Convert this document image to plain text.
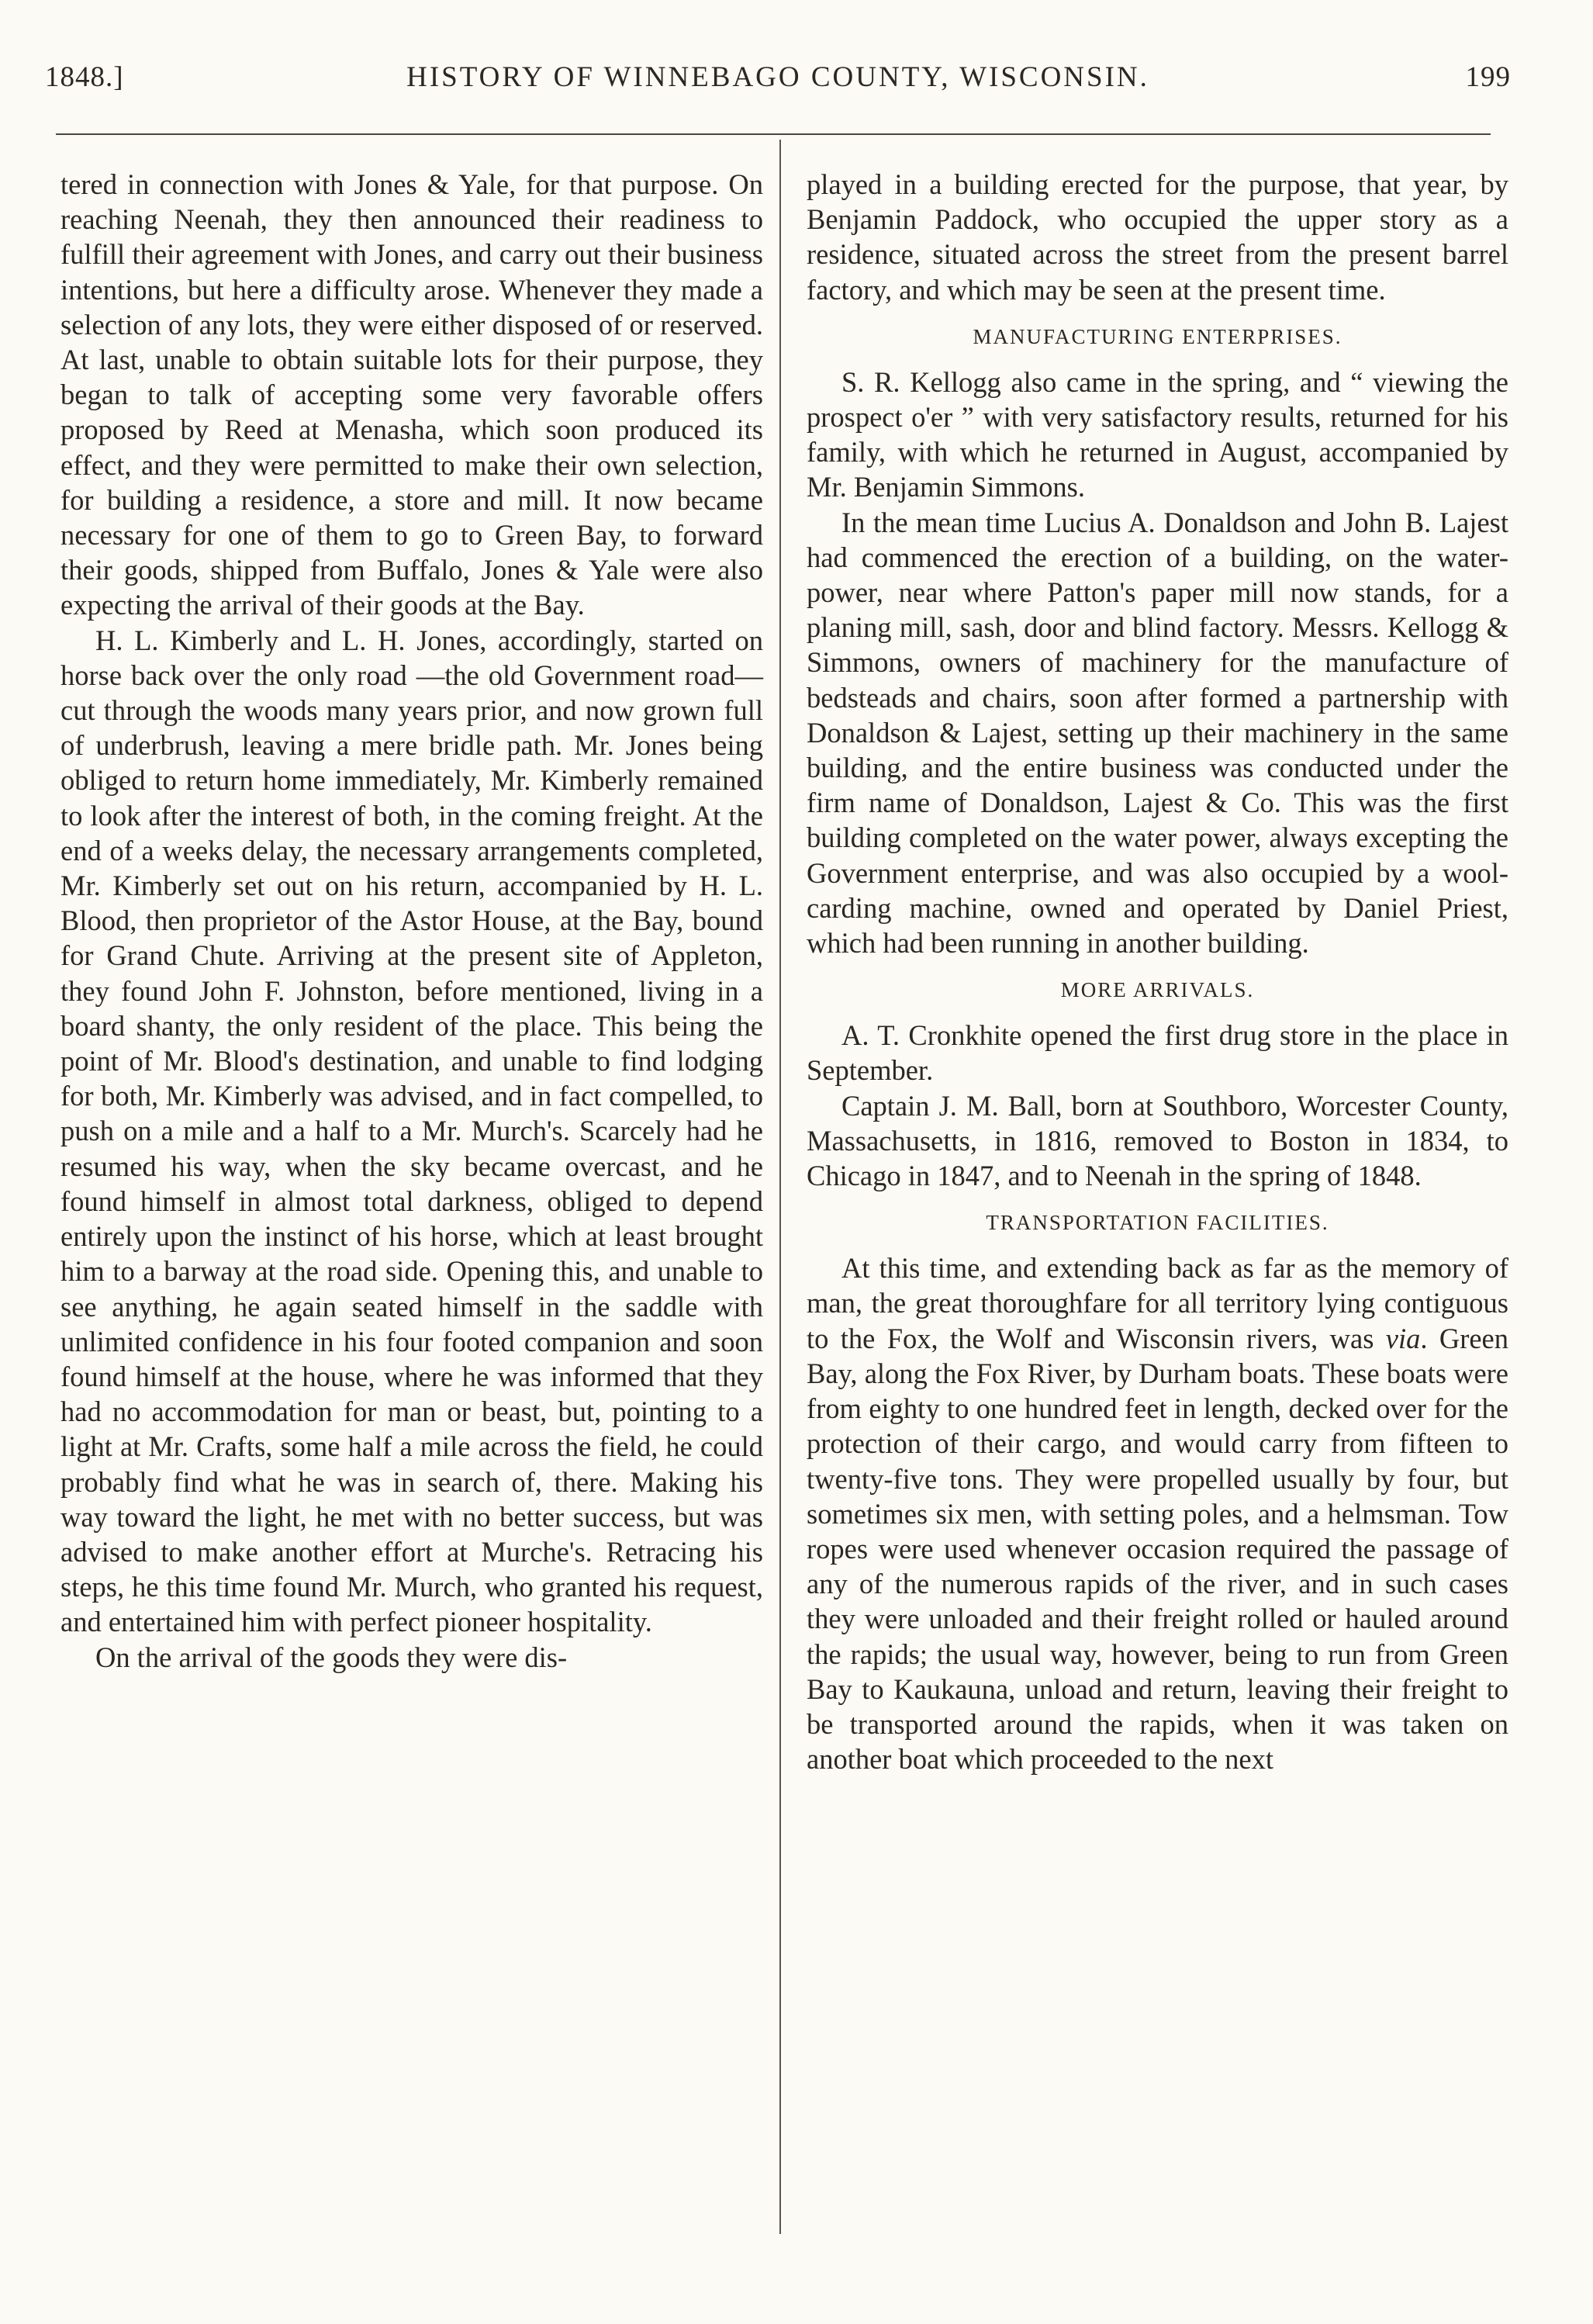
1848.]	HISTORY OF WINNEBAGO COUNTY, WISCONSIN.	199

tered in connection with Jones & Yale, for that purpose. On reaching Neenah, they then announced their readiness to fulfill their agreement with Jones, and carry out their business intentions, but here a difficulty arose. Whenever they made a selection of any lots, they were either disposed of or reserved. At last, unable to obtain suitable lots for their purpose, they began to talk of accepting some very favorable offers proposed by Reed at Menasha, which soon produced its effect, and they were permitted to make their own selection, for building a residence, a store and mill. It now became necessary for one of them to go to Green Bay, to forward their goods, shipped from Buffalo, Jones & Yale were also expecting the arrival of their goods at the Bay.

H. L. Kimberly and L. H. Jones, accordingly, started on horse back over the only road —the old Government road—cut through the woods many years prior, and now grown full of underbrush, leaving a mere bridle path. Mr. Jones being obliged to return home immediately, Mr. Kimberly remained to look after the interest of both, in the coming freight. At the end of a weeks delay, the necessary arrangements completed, Mr. Kimberly set out on his return, accompanied by H. L. Blood, then proprietor of the Astor House, at the Bay, bound for Grand Chute. Arriving at the present site of Appleton, they found John F. Johnston, before mentioned, living in a board shanty, the only resident of the place. This being the point of Mr. Blood's destination, and unable to find lodging for both, Mr. Kimberly was advised, and in fact compelled, to push on a mile and a half to a Mr. Murch's. Scarcely had he resumed his way, when the sky became overcast, and he found himself in almost total darkness, obliged to depend entirely upon the instinct of his horse, which at least brought him to a barway at the road side. Opening this, and unable to see anything, he again seated himself in the saddle with unlimited confidence in his four footed companion and soon found himself at the house, where he was informed that they had no accommodation for man or beast, but, pointing to a light at Mr. Crafts, some half a mile across the field, he could probably find what he was in search of, there. Making his way toward the light, he met with no better success, but was advised to make another effort at Murche's. Retracing his steps, he this time found Mr. Murch, who granted his request, and entertained him with perfect pioneer hospitality.

On the arrival of the goods they were dis-

played in a building erected for the purpose, that year, by Benjamin Paddock, who occupied the upper story as a residence, situated across the street from the present barrel factory, and which may be seen at the present time.

MANUFACTURING ENTERPRISES.

S. R. Kellogg also came in the spring, and “ viewing the prospect o'er ” with very satisfactory results, returned for his family, with which he returned in August, accompanied by Mr. Benjamin Simmons.

In the mean time Lucius A. Donaldson and John B. Lajest had commenced the erection of a building, on the water-power, near where Patton's paper mill now stands, for a planing mill, sash, door and blind factory. Messrs. Kellogg & Simmons, owners of machinery for the manufacture of bedsteads and chairs, soon after formed a partnership with Donaldson & Lajest, setting up their machinery in the same building, and the entire business was conducted under the firm name of Donaldson, Lajest & Co. This was the first building completed on the water power, always excepting the Government enterprise, and was also occupied by a wool-carding machine, owned and operated by Daniel Priest, which had been running in another building.

MORE ARRIVALS.

A. T. Cronkhite opened the first drug store in the place in September.

Captain J. M. Ball, born at Southboro, Worcester County, Massachusetts, in 1816, removed to Boston in 1834, to Chicago in 1847, and to Neenah in the spring of 1848.

TRANSPORTATION FACILITIES.

At this time, and extending back as far as the memory of man, the great thoroughfare for all territory lying contiguous to the Fox, the Wolf and Wisconsin rivers, was via. Green Bay, along the Fox River, by Durham boats. These boats were from eighty to one hundred feet in length, decked over for the protection of their cargo, and would carry from fifteen to twenty-five tons. They were propelled usually by four, but sometimes six men, with setting poles, and a helmsman. Tow ropes were used whenever occasion required the passage of any of the numerous rapids of the river, and in such cases they were unloaded and their freight rolled or hauled around the rapids; the usual way, however, being to run from Green Bay to Kaukauna, unload and return, leaving their freight to be transported around the rapids, when it was taken on another boat which proceeded to the next
